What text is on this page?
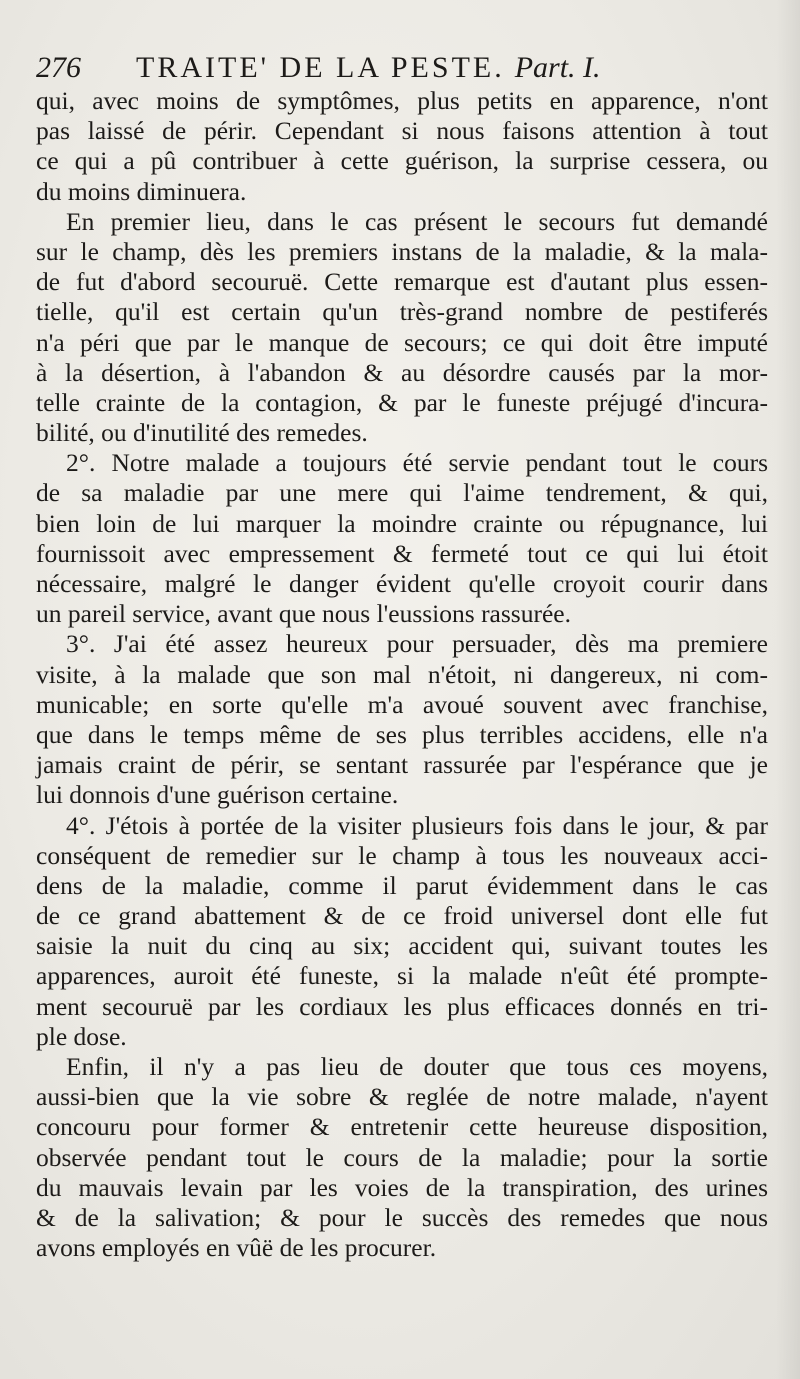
276 TRAITE' DE LA PESTE. Part. I.
qui, avec moins de symptômes, plus petits en apparence, n'ont
pas laissé de périr. Cependant si nous faisons attention à tout
ce qui a pû contribuer à cette guérison, la surprise cessera, ou
du moins diminuera.
En premier lieu, dans le cas présent le secours fut demandé
sur le champ, dès les premiers instans de la maladie, & la mala-
de fut d'abord secouruë. Cette remarque est d'autant plus essen-
tielle, qu'il est certain qu'un très-grand nombre de pestiferés
n'a péri que par le manque de secours; ce qui doit être imputé
à la désertion, à l'abandon & au désordre causés par la mor-
telle crainte de la contagion, & par le funeste préjugé d'incura-
bilité, ou d'inutilité des remedes.
2°. Notre malade a toujours été servie pendant tout le cours
de sa maladie par une mere qui l'aime tendrement, & qui,
bien loin de lui marquer la moindre crainte ou répugnance, lui
fournissoit avec empressement & fermeté tout ce qui lui étoit
nécessaire, malgré le danger évident qu'elle croyoit courir dans
un pareil service, avant que nous l'eussions rassurée.
3°. J'ai été assez heureux pour persuader, dès ma premiere
visite, à la malade que son mal n'étoit, ni dangereux, ni com-
municable; en sorte qu'elle m'a avoué souvent avec franchise,
que dans le temps même de ses plus terribles accidens, elle n'a
jamais craint de périr, se sentant rassurée par l'espérance que je
lui donnois d'une guérison certaine.
4°. J'étois à portée de la visiter plusieurs fois dans le jour, & par
conséquent de remedier sur le champ à tous les nouveaux acci-
dens de la maladie, comme il parut évidemment dans le cas
de ce grand abattement & de ce froid universel dont elle fut
saisie la nuit du cinq au six; accident qui, suivant toutes les
apparences, auroit été funeste, si la malade n'eût été prompte-
ment secouruë par les cordiaux les plus efficaces donnés en tri-
ple dose.
Enfin, il n'y a pas lieu de douter que tous ces moyens,
aussi-bien que la vie sobre & reglée de notre malade, n'ayent
concouru pour former & entretenir cette heureuse disposition,
observée pendant tout le cours de la maladie; pour la sortie
du mauvais levain par les voies de la transpiration, des urines
& de la salivation; & pour le succès des remedes que nous
avons employés en vûë de les procurer.
